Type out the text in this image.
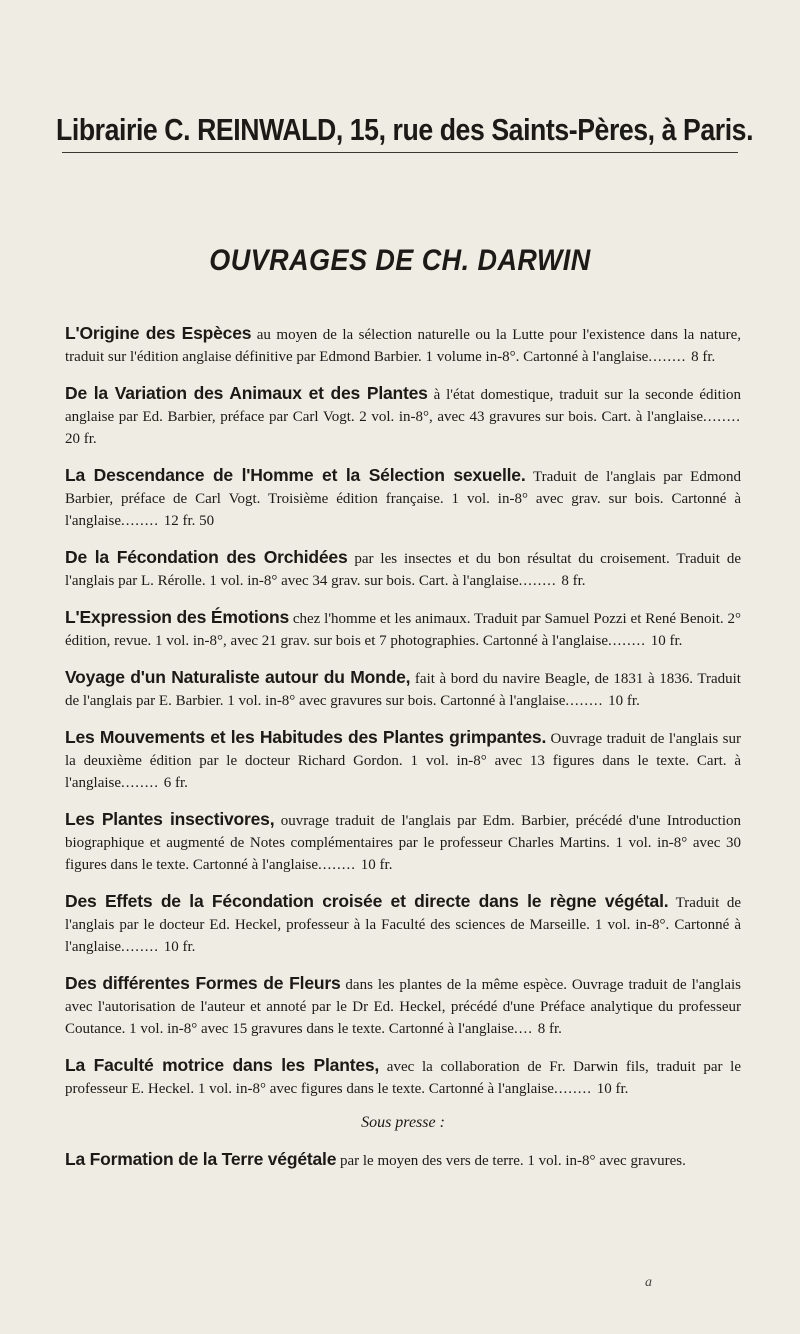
Librairie C. REINWALD, 15, rue des Saints-Pères, à Paris.
OUVRAGES DE CH. DARWIN

L'Origine des Espèces au moyen de la sélection naturelle ou la Lutte pour l'existence dans la nature, traduit sur l'édition anglaise définitive par Edmond Barbier. 1 volume in-8°. Cartonné à l'anglaise........ 8 fr.

De la Variation des Animaux et des Plantes à l'état domestique, traduit sur la seconde édition anglaise par Ed. Barbier, préface par Carl Vogt. 2 vol. in-8°, avec 43 gravures sur bois. Cart. à l'anglaise........ 20 fr.

La Descendance de l'Homme et la Sélection sexuelle. Traduit de l'anglais par Edmond Barbier, préface de Carl Vogt. Troisième édition française. 1 vol. in-8° avec grav. sur bois. Cartonné à l'anglaise........ 12 fr. 50

De la Fécondation des Orchidées par les insectes et du bon résultat du croisement. Traduit de l'anglais par L. Rérolle. 1 vol. in-8° avec 34 grav. sur bois. Cart. à l'anglaise........ 8 fr.

L'Expression des Émotions chez l'homme et les animaux. Traduit par Samuel Pozzi et René Benoit. 2° édition, revue. 1 vol. in-8°, avec 21 grav. sur bois et 7 photographies. Cartonné à l'anglaise........ 10 fr.

Voyage d'un Naturaliste autour du Monde, fait à bord du navire Beagle, de 1831 à 1836. Traduit de l'anglais par E. Barbier. 1 vol. in-8° avec gravures sur bois. Cartonné à l'anglaise........ 10 fr.

Les Mouvements et les Habitudes des Plantes grimpantes. Ouvrage traduit de l'anglais sur la deuxième édition par le docteur Richard Gordon. 1 vol. in-8° avec 13 figures dans le texte. Cart. à l'anglaise........ 6 fr.

Les Plantes insectivores, ouvrage traduit de l'anglais par Edm. Barbier, précédé d'une Introduction biographique et augmenté de Notes complémentaires par le professeur Charles Martins. 1 vol. in-8° avec 30 figures dans le texte. Cartonné à l'anglaise........ 10 fr.

Des Effets de la Fécondation croisée et directe dans le règne végétal. Traduit de l'anglais par le docteur Ed. Heckel, professeur à la Faculté des sciences de Marseille. 1 vol. in-8°. Cartonné à l'anglaise........ 10 fr.

Des différentes Formes de Fleurs dans les plantes de la même espèce. Ouvrage traduit de l'anglais avec l'autorisation de l'auteur et annoté par le Dr Ed. Heckel, précédé d'une Préface analytique du professeur Coutance. 1 vol. in-8° avec 15 gravures dans le texte. Cartonné à l'anglaise.... 8 fr.

La Faculté motrice dans les Plantes, avec la collaboration de Fr. Darwin fils, traduit par le professeur E. Heckel. 1 vol. in-8° avec figures dans le texte. Cartonné à l'anglaise........ 10 fr.

Sous presse :

La Formation de la Terre végétale par le moyen des vers de terre. 1 vol. in-8° avec gravures.

a
